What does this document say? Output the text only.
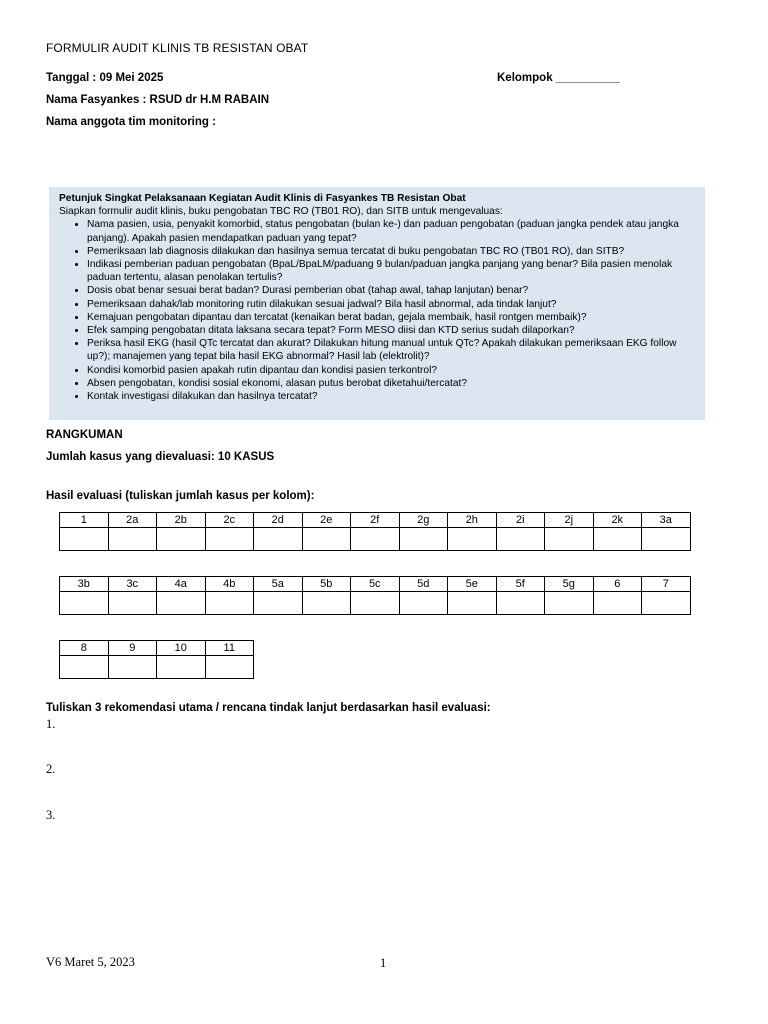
FORMULIR AUDIT KLINIS TB RESISTAN OBAT
Tanggal : 09 Mei 2025	Kelompok __________
Nama Fasyankes : RSUD dr H.M RABAIN
Nama anggota tim monitoring :
Petunjuk Singkat Pelaksanaan Kegiatan Audit Klinis di Fasyankes TB Resistan Obat
Siapkan formulir audit klinis, buku pengobatan TBC RO (TB01 RO), dan SITB untuk mengevaluas:
• Nama pasien, usia, penyakit komorbid, status pengobatan (bulan ke-) dan paduan pengobatan (paduan jangka pendek atau jangka panjang). Apakah pasien mendapatkan paduan yang tepat?
• Pemeriksaan lab diagnosis dilakukan dan hasilnya semua tercatat di buku pengobatan TBC RO (TB01 RO), dan SITB?
• Indikasi pemberian paduan pengobatan (BpaL/BpaLM/paduang 9 bulan/paduan jangka panjang yang benar? Bila pasien menolak paduan tertentu, alasan penolakan tertulis?
• Dosis obat benar sesuai berat badan? Durasi pemberian obat (tahap awal, tahap lanjutan) benar?
• Pemeriksaan dahak/lab monitoring rutin dilakukan sesuai jadwal? Bila hasil abnormal, ada tindak lanjut?
• Kemajuan pengobatan dipantau dan tercatat (kenaikan berat badan, gejala membaik, hasil rontgen membaik)?
• Efek samping pengobatan ditata laksana secara tepat? Form MESO diisi dan KTD serius sudah dilaporkan?
• Periksa hasil EKG (hasil QTc tercatat dan akurat? Dilakukan hitung manual untuk QTc? Apakah dilakukan pemeriksaan EKG follow up?); manajemen yang tepat bila hasil EKG abnormal? Hasil lab (elektrolit)?
• Kondisi komorbid pasien apakah rutin dipantau dan kondisi pasien terkontrol?
• Absen pengobatan, kondisi sosial ekonomi, alasan putus berobat diketahui/tercatat?
• Kontak investigasi dilakukan dan hasilnya tercatat?
RANGKUMAN
Jumlah kasus yang dievaluasi: 10 KASUS
Hasil evaluasi (tuliskan jumlah kasus per kolom):
1	2a	2b	2c	2d	2e	2f	2g	2h	2i	2j	2k	3a

3b	3c	4a	4b	5a	5b	5c	5d	5e	5f	5g	6	7

8	9	10	11

Tuliskan 3 rekomendasi utama / rencana tindak lanjut berdasarkan hasil evaluasi:
1.
2.
3.
V6 Maret 5, 2023	1
